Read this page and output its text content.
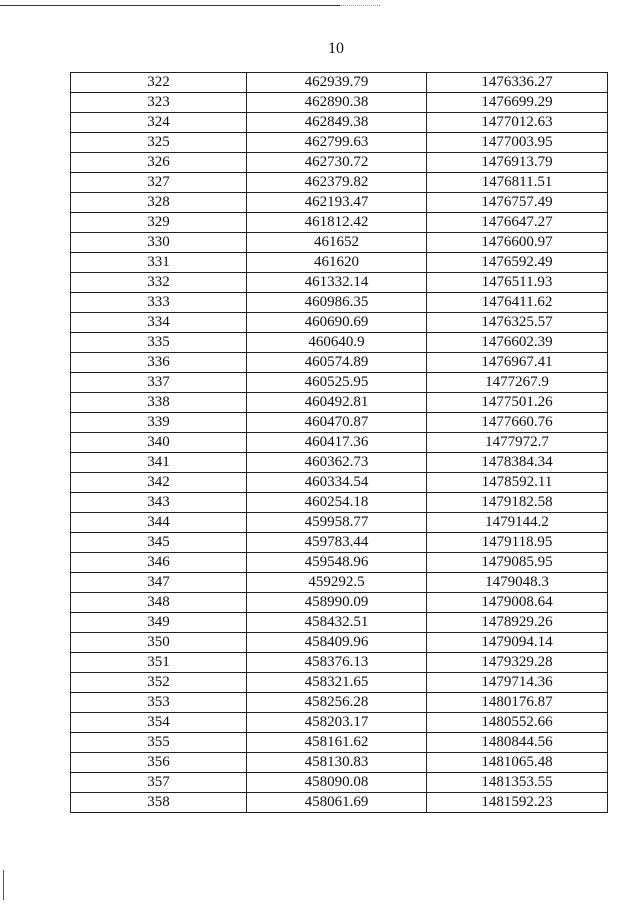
10
322	462939.79	1476336.27
323	462890.38	1476699.29
324	462849.38	1477012.63
325	462799.63	1477003.95
326	462730.72	1476913.79
327	462379.82	1476811.51
328	462193.47	1476757.49
329	461812.42	1476647.27
330	461652	1476600.97
331	461620	1476592.49
332	461332.14	1476511.93
333	460986.35	1476411.62
334	460690.69	1476325.57
335	460640.9	1476602.39
336	460574.89	1476967.41
337	460525.95	1477267.9
338	460492.81	1477501.26
339	460470.87	1477660.76
340	460417.36	1477972.7
341	460362.73	1478384.34
342	460334.54	1478592.11
343	460254.18	1479182.58
344	459958.77	1479144.2
345	459783.44	1479118.95
346	459548.96	1479085.95
347	459292.5	1479048.3
348	458990.09	1479008.64
349	458432.51	1478929.26
350	458409.96	1479094.14
351	458376.13	1479329.28
352	458321.65	1479714.36
353	458256.28	1480176.87
354	458203.17	1480552.66
355	458161.62	1480844.56
356	458130.83	1481065.48
357	458090.08	1481353.55
358	458061.69	1481592.23
